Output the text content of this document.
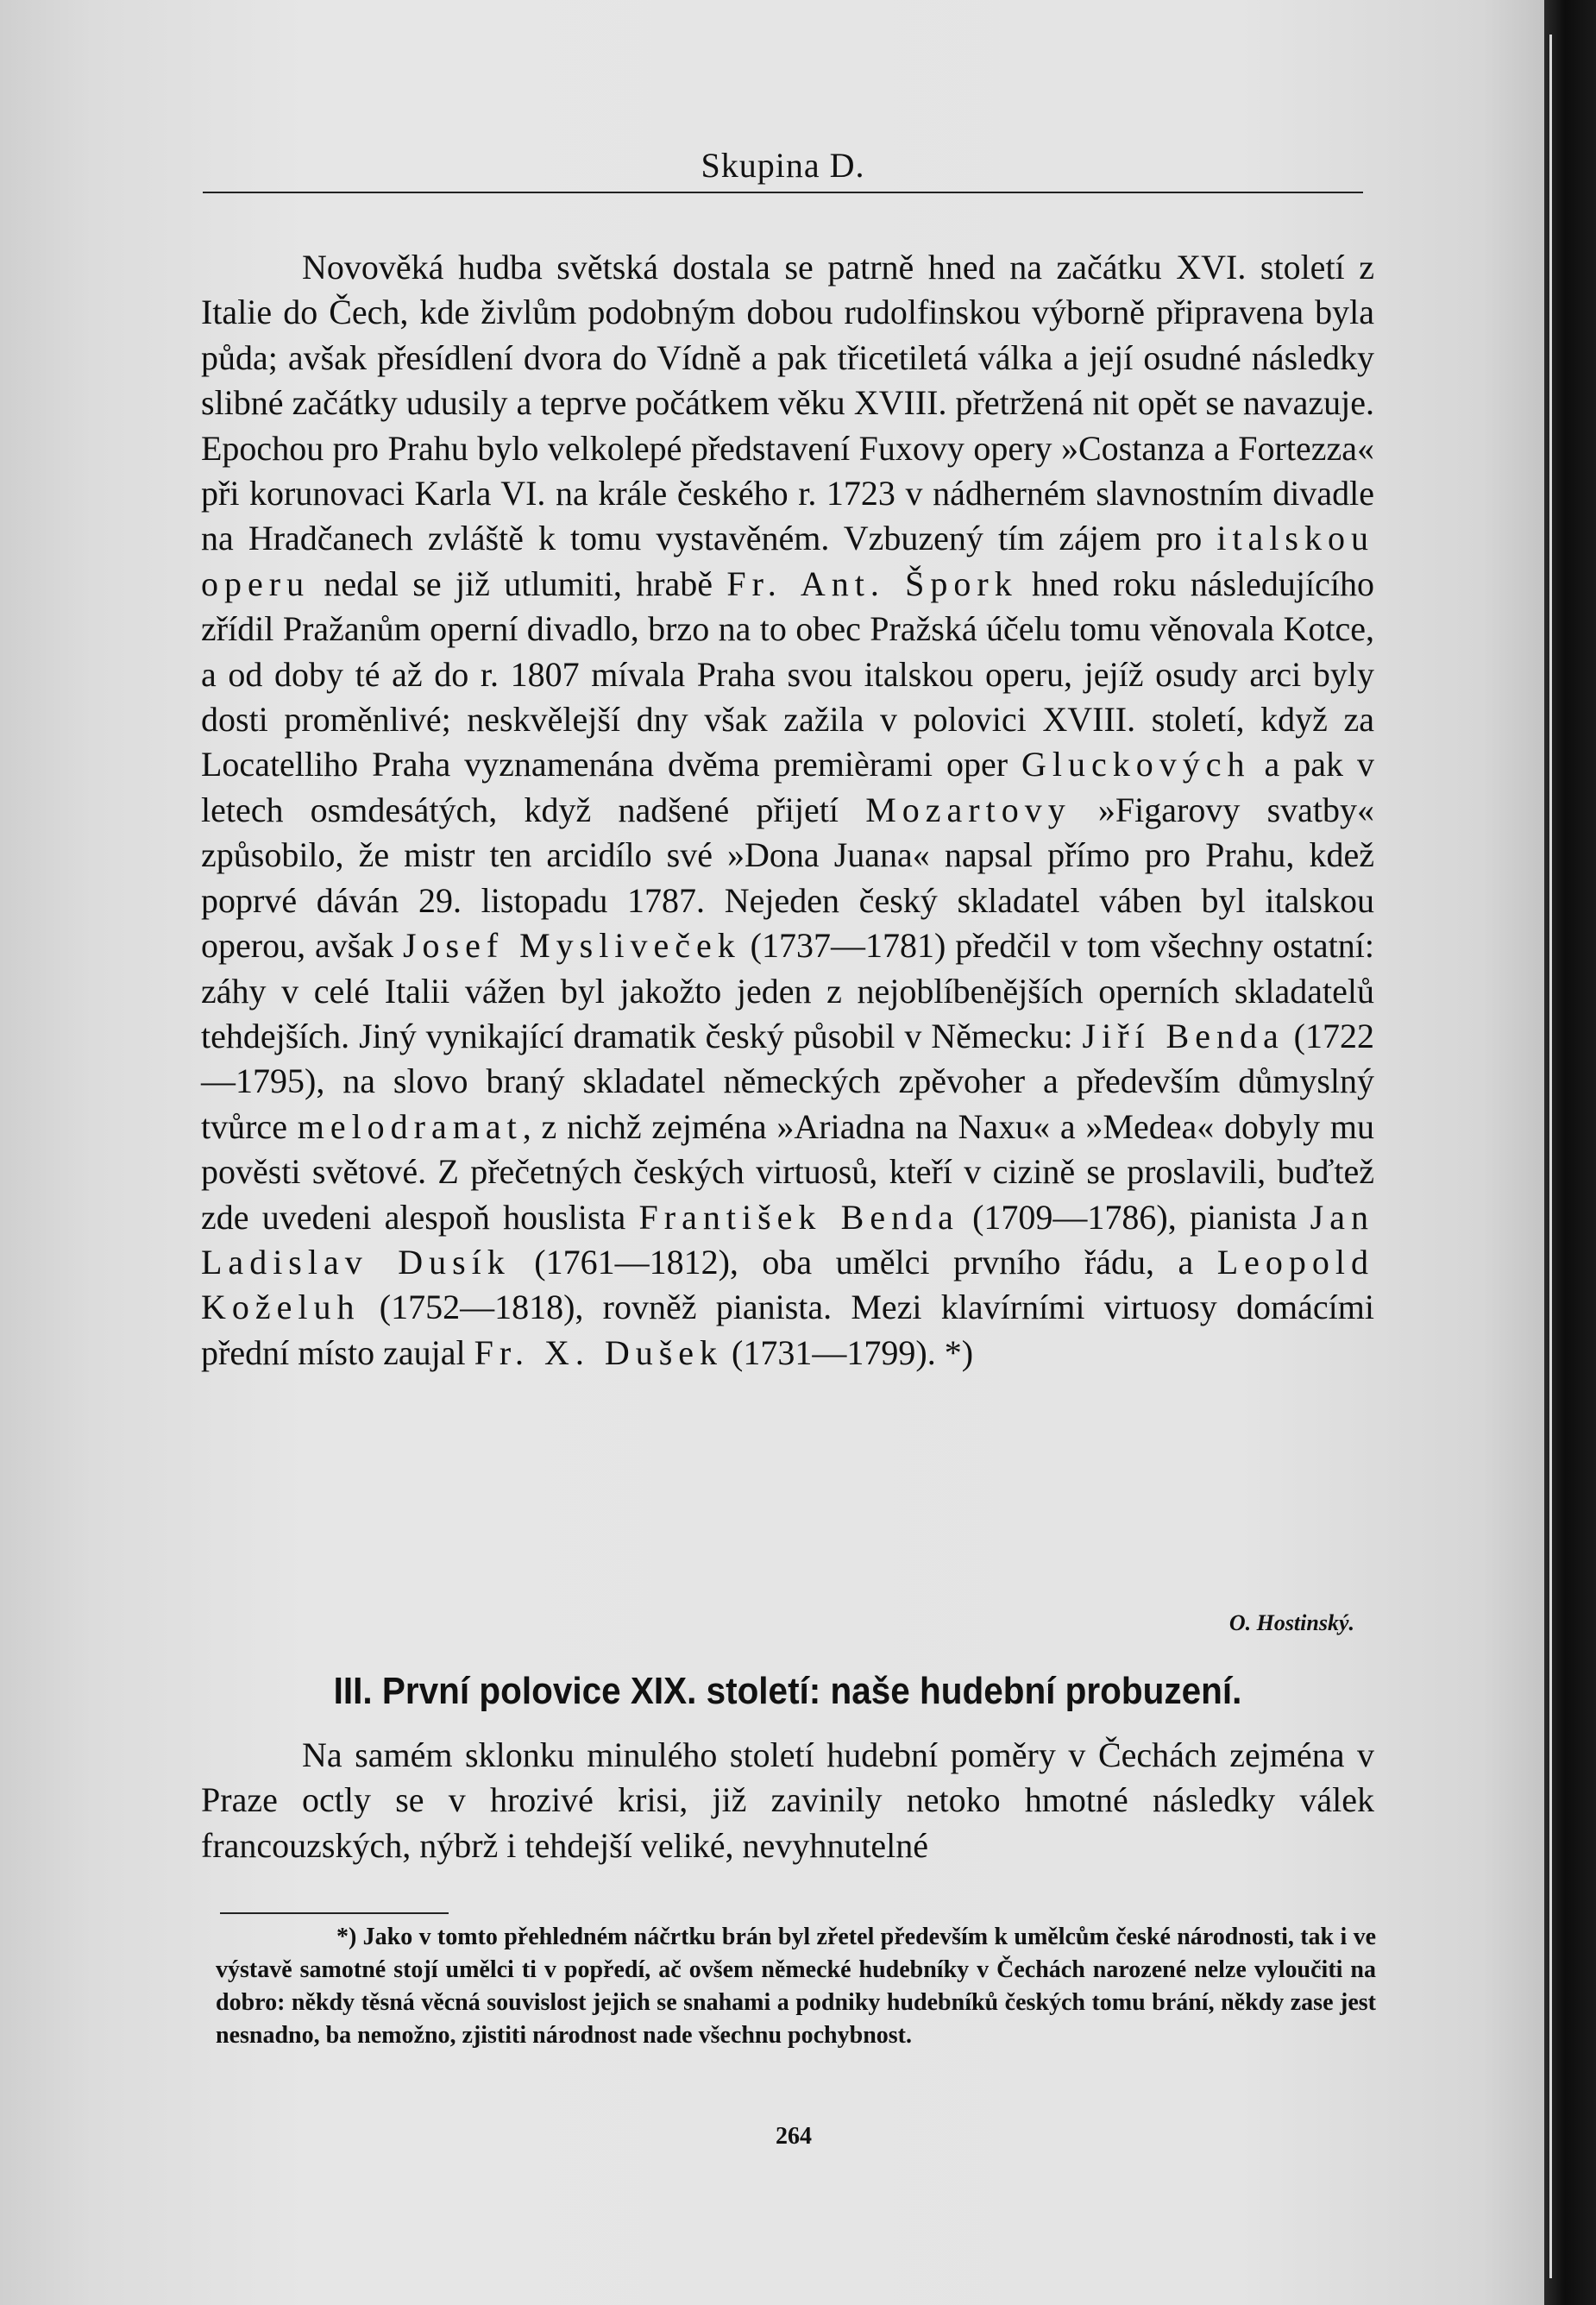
Skupina D.
Novověká hudba světská dostala se patrně hned na začátku XVI. století z Italie do Čech, kde živlům podobným dobou rudolfinskou výborně připravena byla půda; avšak přesídlení dvora do Vídně a pak třicetiletá válka a její osudné následky slibné začátky udusily a teprve počátkem věku XVIII. přetržená nit opět se navazuje. Epochou pro Prahu bylo velkolepé představení Fuxovy opery »Costanza a Fortezza« při korunovaci Karla VI. na krále českého r. 1723 v nádherném slavnostním divadle na Hradčanech zvláště k tomu vystavěném. Vzbuzený tím zájem pro italskou operu nedal se již utlumiti, hrabě Fr. Ant. Špork hned roku následujícího zřídil Pražanům operní divadlo, brzo na to obec Pražská účelu tomu věnovala Kotce, a od doby té až do r. 1807 mívala Praha svou italskou operu, jejíž osudy arci byly dosti proměnlivé; neskvělejší dny však zažila v polovici XVIII. století, když za Locatelliho Praha vyznamenána dvěma premièrami oper Gluckových a pak v letech osmdesátých, když nadšené přijetí Mozartovy »Figarovy svatby« způsobilo, že mistr ten arcidílo své »Dona Juana« napsal přímo pro Prahu, kdež poprvé dáván 29. listopadu 1787. Nejeden český skladatel váben byl italskou operou, avšak Josef Mysliveček (1737—1781) předčil v tom všechny ostatní: záhy v celé Italii vážen byl jakožto jeden z nejoblíbenějších operních skladatelů tehdejších. Jiný vynikající dramatik český působil v Německu: Jiří Benda (1722—1795), na slovo braný skladatel německých zpěvoher a především důmyslný tvůrce melodramat, z nichž zejména »Ariadna na Naxu« a »Medea« dobyly mu pověsti světové. Z přečetných českých virtuosů, kteří v cizině se proslavili, buďtež zde uvedeni alespoň houslista František Benda (1709—1786), pianista Jan Ladislav Dusík (1761—1812), oba umělci prvního řádu, a Leopold Koželuh (1752—1818), rovněž pianista. Mezi klavírními virtuosy domácími přední místo zaujal Fr. X. Dušek (1731—1799). *)
O. Hostinský.
III. První polovice XIX. století: naše hudební probuzení.
Na samém sklonku minulého století hudební poměry v Čechách zejména v Praze octly se v hrozivé krisi, již zavinily netoko hmotné následky válek francouzských, nýbrž i tehdejší veliké, nevyhnutelné
*) Jako v tomto přehledném náčrtku brán byl zřetel především k umělcům české národnosti, tak i ve výstavě samotné stojí umělci ti v popředí, ač ovšem německé hudebníky v Čechách narozené nelze vyloučiti na dobro: někdy těsná věcná souvislost jejich se snahami a podniky hudebníků českých tomu brání, někdy zase jest nesnadno, ba nemožno, zjistiti národnost nade všechnu pochybnost.
264
